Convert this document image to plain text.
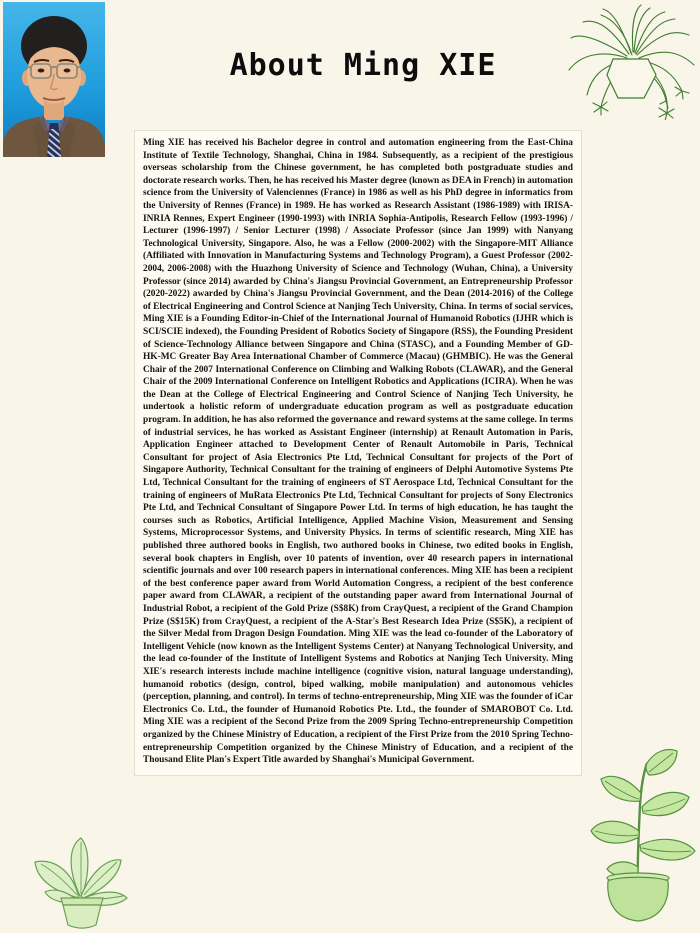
About Ming XIE

Ming XIE has received his Bachelor degree in control and automation engineering from the East-China Institute of Textile Technology, Shanghai, China in 1984. Subsequently, as a recipient of the prestigious overseas scholarship from the Chinese government, he has completed both postgraduate studies and doctorate research works. Then, he has received his Master degree (known as DEA in French) in automation science from the University of Valenciennes (France) in 1986 as well as his PhD degree in informatics from the University of Rennes (France) in 1989. He has worked as Research Assistant (1986-1989) with IRISA-INRIA Rennes, Expert Engineer (1990-1993) with INRIA Sophia-Antipolis, Research Fellow (1993-1996) / Lecturer (1996-1997) / Senior Lecturer (1998) / Associate Professor (since Jan 1999) with Nanyang Technological University, Singapore. Also, he was a Fellow (2000-2002) with the Singapore-MIT Alliance (Affiliated with Innovation in Manufacturing Systems and Technology Program), a Guest Professor (2002-2004, 2006-2008) with the Huazhong University of Science and Technology (Wuhan, China), a University Professor (since 2014) awarded by China's Jiangsu Provincial Government, an Entrepreneurship Professor (2020-2022) awarded by China's Jiangsu Provincial Government, and the Dean (2014-2016) of the College of Electrical Engineering and Control Science at Nanjing Tech University, China. In terms of social services, Ming XIE is a Founding Editor-in-Chief of the International Journal of Humanoid Robotics (IJHR which is SCI/SCIE indexed), the Founding President of Robotics Society of Singapore (RSS), the Founding President of Science-Technology Alliance between Singapore and China (STASC), and a Founding Member of GD-HK-MC Greater Bay Area International Chamber of Commerce (Macau) (GHMBIC). He was the General Chair of the 2007 International Conference on Climbing and Walking Robots (CLAWAR), and the General Chair of the 2009 International Conference on Intelligent Robotics and Applications (ICIRA). When he was the Dean at the College of Electrical Engineering and Control Science of Nanjing Tech University, he undertook a holistic reform of undergraduate education program as well as postgraduate education program. In addition, he has also reformed the governance and reward systems at the same college. In terms of industrial services, he has worked as Assistant Engineer (internship) at Renault Automation in Paris, Application Engineer attached to Development Center of Renault Automobile in Paris, Technical Consultant for project of Asia Electronics Pte Ltd, Technical Consultant for projects of the Port of Singapore Authority, Technical Consultant for the training of engineers of Delphi Automotive Systems Pte Ltd, Technical Consultant for the training of engineers of ST Aerospace Ltd, Technical Consultant for the training of engineers of MuRata Electronics Pte Ltd, Technical Consultant for projects of Sony Electronics Pte Ltd, and Technical Consultant of Singapore Power Ltd. In terms of high education, he has taught the courses such as Robotics, Artificial Intelligence, Applied Machine Vision, Measurement and Sensing Systems, Microprocessor Systems, and University Physics. In terms of scientific research, Ming XIE has published three authored books in English, two authored books in Chinese, two edited books in English, several book chapters in English, over 10 patents of invention, over 40 research papers in international scientific journals and over 100 research papers in international conferences. Ming XIE has been a recipient of the best conference paper award from World Automation Congress, a recipient of the best conference paper award from CLAWAR, a recipient of the outstanding paper award from International Journal of Industrial Robot, a recipient of the Gold Prize (S$8K) from CrayQuest, a recipient of the Grand Champion Prize (S$15K) from CrayQuest, a recipient of the A-Star's Best Research Idea Prize (S$5K), a recipient of the Silver Medal from Dragon Design Foundation. Ming XIE was the lead co-founder of the Laboratory of Intelligent Vehicle (now known as the Intelligent Systems Center) at Nanyang Technological University, and the lead co-founder of the Institute of Intelligent Systems and Robotics at Nanjing Tech University. Ming XIE's research interests include machine intelligence (cognitive vision, natural language understanding), humanoid robotics (design, control, biped walking, mobile manipulation) and autonomous vehicles (perception, planning, and control). In terms of techno-entrepreneurship, Ming XIE was the founder of iCar Electronics Co. Ltd., the founder of Humanoid Robotics Pte. Ltd., the founder of SMAROBOT Co. Ltd. Ming XIE was a recipient of the Second Prize from the 2009 Spring Techno-entrepreneurship Competition organized by the Chinese Ministry of Education, a recipient of the First Prize from the 2010 Spring Techno-entrepreneurship Competition organized by the Chinese Ministry of Education, and a recipient of the Thousand Elite Plan's Expert Title awarded by Shanghai's Municipal Government.
